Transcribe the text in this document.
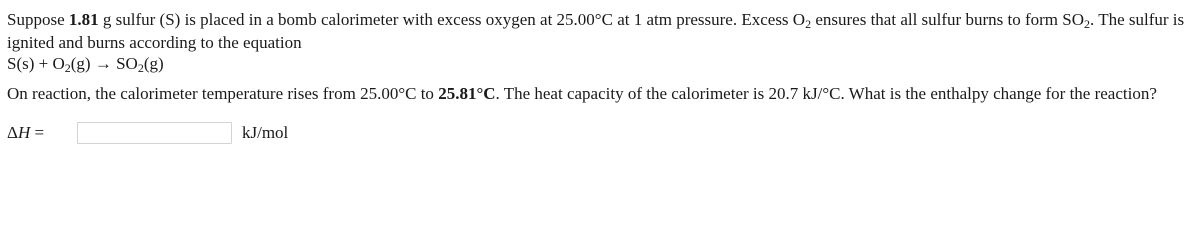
Suppose 1.81 g sulfur (S) is placed in a bomb calorimeter with excess oxygen at 25.00°C at 1 atm pressure. Excess $O_2$ ensures that all sulfur burns to form $SO_2$. The sulfur is ignited and burns according to the equation

$S(s) + O_2(g) \to SO_2(g)$

On reaction, the calorimeter temperature rises from 25.00°C to 25.81°C. The heat capacity of the calorimeter is 20.7 kJ/°C. What is the enthalpy change for the reaction?

ΔH =	kJ/mol
